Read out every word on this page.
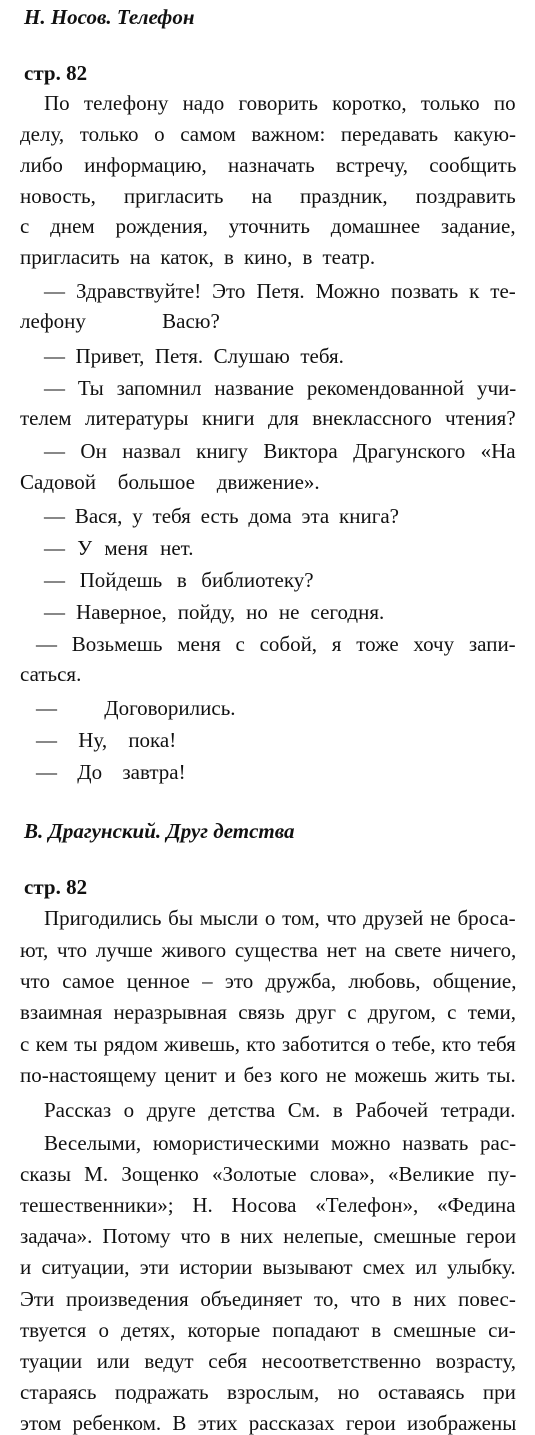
Н. Носов. Телефон
стр. 82
По телефону надо говорить коротко, только по
делу, только о самом важном: передавать какую-
либо информацию, назначать встречу, сообщить
новость, пригласить на праздник, поздравить
с днем рождения, уточнить домашнее задание,
пригласить на каток, в кино, в театр.
— Здравствуйте! Это Петя. Можно позвать к те-
лефону Васю?
— Привет, Петя. Слушаю тебя.
— Ты запомнил название рекомендованной учи-
телем литературы книги для внеклассного чтения?
— Он назвал книгу Виктора Драгунского «На
Садовой большое движение».
— Вася, у тебя есть дома эта книга?
— У меня нет.
— Пойдешь в библиотеку?
— Наверное, пойду, но не сегодня.
— Возьмешь меня с собой, я тоже хочу запи-
саться.
— Договорились.
— Ну, пока!
— До завтра!
В. Драгунский. Друг детства
стр. 82
Пригодились бы мысли о том, что друзей не броса-
ют, что лучше живого существа нет на свете ничего,
что самое ценное – это дружба, любовь, общение,
взаимная неразрывная связь друг с другом, с теми,
с кем ты рядом живешь, кто заботится о тебе, кто тебя
по-настоящему ценит и без кого не можешь жить ты.
Рассказ о друге детства См. в Рабочей тетради.
Веселыми, юмористическими можно назвать рас-
сказы М. Зощенко «Золотые слова», «Великие пу-
тешественники»; Н. Носова «Телефон», «Федина
задача». Потому что в них нелепые, смешные герои
и ситуации, эти истории вызывают смех ил улыбку.
Эти произведения объединяет то, что в них повес-
твуется о детях, которые попадают в смешные си-
туации или ведут себя несоответственно возрасту,
стараясь подражать взрослым, но оставаясь при
этом ребенком. В этих рассказах герои изображены
